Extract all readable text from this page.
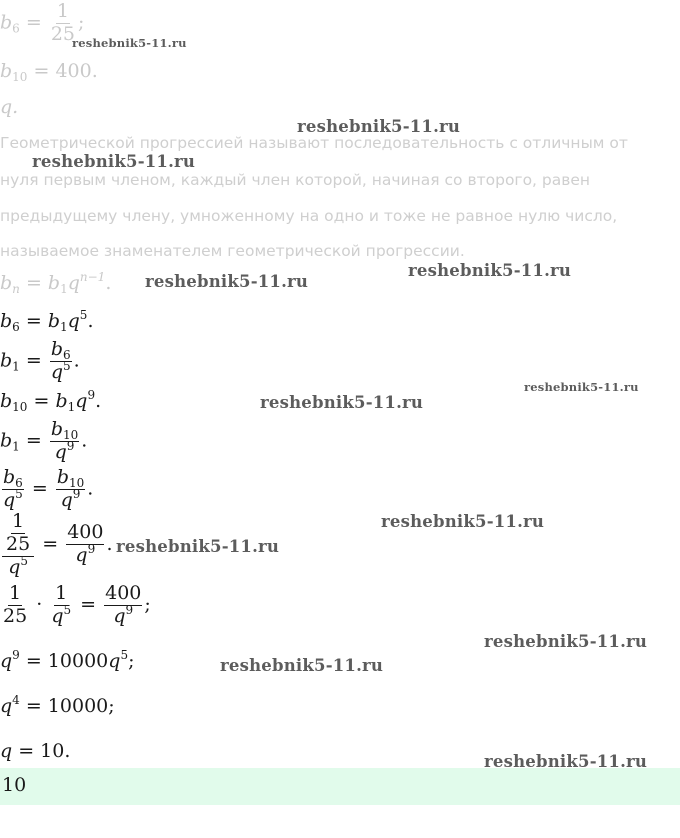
$b_6 = \frac{1}{25}$ ;
$b_{10} = 400$.
q.
Геометрической прогрессией называют последовательность с отличным от
нуля первым членом, каждый член которой, начиная со второго, равен
предыдущему члену, умноженному на одно и тоже не равное нулю число,
называемое знаменателем геометрической прогрессии.
$b_n = b_1q^{n-1}$.
$b_6 = b_1q^5$.
$b_1 = \frac{b_6}{q^5}$ .
$b_{10} = b_1q^9$.
$b_1 = \frac{b_{10}}{q^9}$ .
$\frac{b_6}{q^5} = \frac{b_{10}}{q^9}$ .
$\frac{\frac{1}{25}}{q^5} = \frac{400}{q^9}$ .
$\frac{1}{25} \cdot \frac{1}{q^5} = \frac{400}{q^9}$ ;
$q^9 = 10000q^5$;
$q^4 = 10000$;
q = 10.
10
reshebnik5-11.ru
reshebnik5-11.ru
reshebnik5-11.ru
reshebnik5-11.ru
reshebnik5-11.ru
reshebnik5-11.ru
reshebnik5-11.ru
reshebnik5-11.ru
reshebnik5-11.ru
reshebnik5-11.ru
reshebnik5-11.ru
reshebnik5-11.ru
